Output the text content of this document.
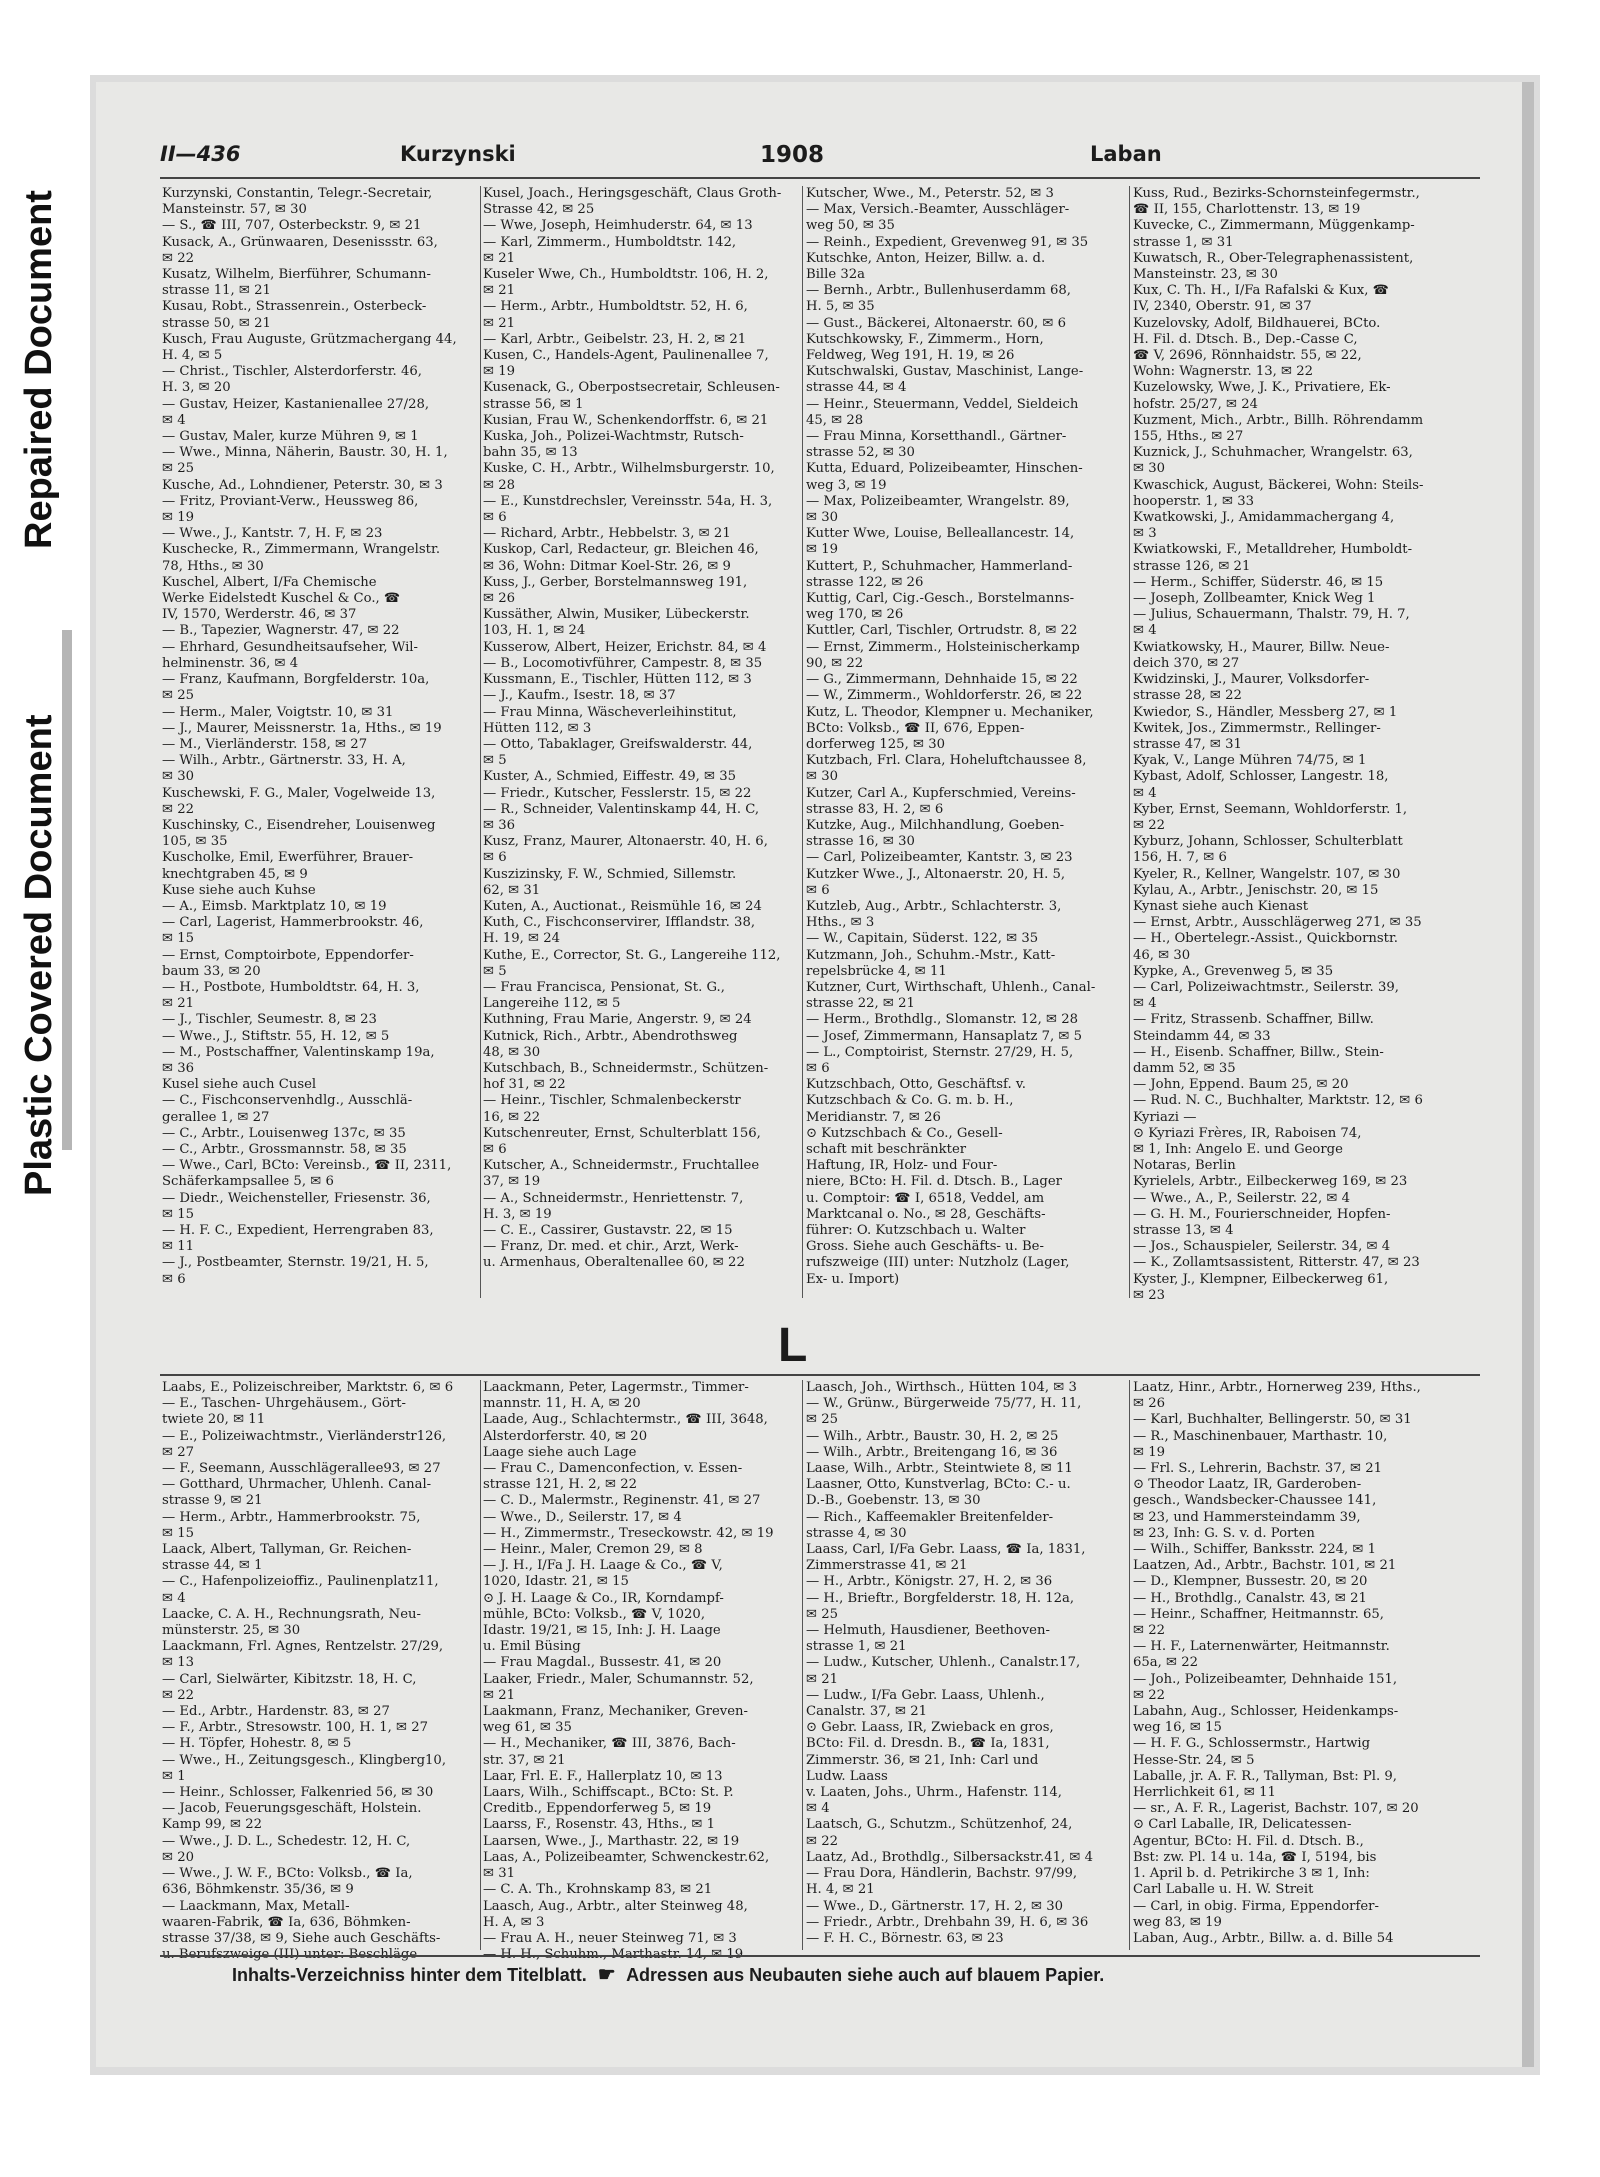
Repaired Document
Plastic Covered Document
II—436	Kurzynski	1908	Laban

Kurzynski, Constantin, Telegr.-Secretair,

Mansteinstr. 57, ✉ 30

— S., ☎ III, 707, Osterbeckstr. 9, ✉ 21

Kusack, A., Grünwaaren, Desenissstr. 63,

✉ 22

Kusatz, Wilhelm, Bierführer, Schumann-

strasse 11, ✉ 21

Kusau, Robt., Strassenrein., Osterbeck-

strasse 50, ✉ 21

Kusch, Frau Auguste, Grützmachergang 44,

H. 4, ✉ 5

— Christ., Tischler, Alsterdorferstr. 46,

H. 3, ✉ 20

— Gustav, Heizer, Kastanienallee 27/28,

✉ 4

— Gustav, Maler, kurze Mühren 9, ✉ 1

— Wwe., Minna, Näherin, Baustr. 30, H. 1,

✉ 25

Kusche, Ad., Lohndiener, Peterstr. 30, ✉ 3

— Fritz, Proviant-Verw., Heussweg 86,

✉ 19

— Wwe., J., Kantstr. 7, H. F, ✉ 23

Kuschecke, R., Zimmermann, Wrangelstr.

78, Hths., ✉ 30

Kuschel, Albert, I/Fa Chemische

Werke Eidelstedt Kuschel & Co., ☎

IV, 1570, Werderstr. 46, ✉ 37

— B., Tapezier, Wagnerstr. 47, ✉ 22

— Ehrhard, Gesundheitsaufseher, Wil-

helminenstr. 36, ✉ 4

— Franz, Kaufmann, Borgfelderstr. 10a,

✉ 25

— Herm., Maler, Voigtstr. 10, ✉ 31

— J., Maurer, Meissnerstr. 1a, Hths., ✉ 19

— M., Vierländerstr. 158, ✉ 27

— Wilh., Arbtr., Gärtnerstr. 33, H. A,

✉ 30

Kuschewski, F. G., Maler, Vogelweide 13,

✉ 22

Kuschinsky, C., Eisendreher, Louisenweg

105, ✉ 35

Kuscholke, Emil, Ewerführer, Brauer-

knechtgraben 45, ✉ 9

Kuse siehe auch Kuhse

— A., Eimsb. Marktplatz 10, ✉ 19

— Carl, Lagerist, Hammerbrookstr. 46,

✉ 15

— Ernst, Comptoirbote, Eppendorfer-

baum 33, ✉ 20

— H., Postbote, Humboldtstr. 64, H. 3,

✉ 21

— J., Tischler, Seumestr. 8, ✉ 23

— Wwe., J., Stiftstr. 55, H. 12, ✉ 5

— M., Postschaffner, Valentinskamp 19a,

✉ 36

Kusel siehe auch Cusel

— C., Fischconservenhdlg., Ausschlä-

gerallee 1, ✉ 27

— C., Arbtr., Louisenweg 137c, ✉ 35

— C., Arbtr., Grossmannstr. 58, ✉ 35

— Wwe., Carl, BCto: Vereinsb., ☎ II, 2311,

Schäferkampsallee 5, ✉ 6

— Diedr., Weichensteller, Friesenstr. 36,

✉ 15

— H. F. C., Expedient, Herrengraben 83,

✉ 11

— J., Postbeamter, Sternstr. 19/21, H. 5,

✉ 6

Kusel, Joach., Heringsgeschäft, Claus Groth-

Strasse 42, ✉ 25

— Wwe, Joseph, Heimhuderstr. 64, ✉ 13

— Karl, Zimmerm., Humboldtstr. 142,

✉ 21

Kuseler Wwe, Ch., Humboldtstr. 106, H. 2,

✉ 21

— Herm., Arbtr., Humboldtstr. 52, H. 6,

✉ 21

— Karl, Arbtr., Geibelstr. 23, H. 2, ✉ 21

Kusen, C., Handels-Agent, Paulinenallee 7,

✉ 19

Kusenack, G., Oberpostsecretair, Schleusen-

strasse 56, ✉ 1

Kusian, Frau W., Schenkendorffstr. 6, ✉ 21

Kuska, Joh., Polizei-Wachtmstr, Rutsch-

bahn 35, ✉ 13

Kuske, C. H., Arbtr., Wilhelmsburgerstr. 10,

✉ 28

— E., Kunstdrechsler, Vereinsstr. 54a, H. 3,

✉ 6

— Richard, Arbtr., Hebbelstr. 3, ✉ 21

Kuskop, Carl, Redacteur, gr. Bleichen 46,

✉ 36, Wohn: Ditmar Koel-Str. 26, ✉ 9

Kuss, J., Gerber, Borstelmannsweg 191,

✉ 26

Kussäther, Alwin, Musiker, Lübeckerstr.

103, H. 1, ✉ 24

Kusserow, Albert, Heizer, Erichstr. 84, ✉ 4

— B., Locomotivführer, Campestr. 8, ✉ 35

Kussmann, E., Tischler, Hütten 112, ✉ 3

— J., Kaufm., Isestr. 18, ✉ 37

— Frau Minna, Wäscheverleihinstitut,

Hütten 112, ✉ 3

— Otto, Tabaklager, Greifswalderstr. 44,

✉ 5

Kuster, A., Schmied, Eiffestr. 49, ✉ 35

— Friedr., Kutscher, Fesslerstr. 15, ✉ 22

— R., Schneider, Valentinskamp 44, H. C,

✉ 36

Kusz, Franz, Maurer, Altonaerstr. 40, H. 6,

✉ 6

Kuszizinsky, F. W., Schmied, Sillemstr.

62, ✉ 31

Kuten, A., Auctionat., Reismühle 16, ✉ 24

Kuth, C., Fischconservirer, Ifflandstr. 38,

H. 19, ✉ 24

Kuthe, E., Corrector, St. G., Langereihe 112,

✉ 5

— Frau Francisca, Pensionat, St. G.,

Langereihe 112, ✉ 5

Kuthning, Frau Marie, Angerstr. 9, ✉ 24

Kutnick, Rich., Arbtr., Abendrothsweg

48, ✉ 30

Kutschbach, B., Schneidermstr., Schützen-

hof 31, ✉ 22

— Heinr., Tischler, Schmalenbeckerstr

16, ✉ 22

Kutschenreuter, Ernst, Schulterblatt 156,

✉ 6

Kutscher, A., Schneidermstr., Fruchtallee

37, ✉ 19

— A., Schneidermstr., Henriettenstr. 7,

H. 3, ✉ 19

— C. E., Cassirer, Gustavstr. 22, ✉ 15

— Franz, Dr. med. et chir., Arzt, Werk-

u. Armenhaus, Oberaltenallee 60, ✉ 22

Kutscher, Wwe., M., Peterstr. 52, ✉ 3

— Max, Versich.-Beamter, Ausschläger-

weg 50, ✉ 35

— Reinh., Expedient, Grevenweg 91, ✉ 35

Kutschke, Anton, Heizer, Billw. a. d.

Bille 32a

— Bernh., Arbtr., Bullenhuserdamm 68,

H. 5, ✉ 35

— Gust., Bäckerei, Altonaerstr. 60, ✉ 6

Kutschkowsky, F., Zimmerm., Horn,

Feldweg, Weg 191, H. 19, ✉ 26

Kutschwalski, Gustav, Maschinist, Lange-

strasse 44, ✉ 4

— Heinr., Steuermann, Veddel, Sieldeich

45, ✉ 28

— Frau Minna, Korsetthandl., Gärtner-

strasse 52, ✉ 30

Kutta, Eduard, Polizeibeamter, Hinschen-

weg 3, ✉ 19

— Max, Polizeibeamter, Wrangelstr. 89,

✉ 30

Kutter Wwe, Louise, Belleallancestr. 14,

✉ 19

Kuttert, P., Schuhmacher, Hammerland-

strasse 122, ✉ 26

Kuttig, Carl, Cig.-Gesch., Borstelmanns-

weg 170, ✉ 26

Kuttler, Carl, Tischler, Ortrudstr. 8, ✉ 22

— Ernst, Zimmerm., Holsteinischerkamp

90, ✉ 22

— G., Zimmermann, Dehnhaide 15, ✉ 22

— W., Zimmerm., Wohldorferstr. 26, ✉ 22

Kutz, L. Theodor, Klempner u. Mechaniker,

BCto: Volksb., ☎ II, 676, Eppen-

dorferweg 125, ✉ 30

Kutzbach, Frl. Clara, Hoheluftchaussee 8,

✉ 30

Kutzer, Carl A., Kupferschmied, Vereins-

strasse 83, H. 2, ✉ 6

Kutzke, Aug., Milchhandlung, Goeben-

strasse 16, ✉ 30

— Carl, Polizeibeamter, Kantstr. 3, ✉ 23

Kutzker Wwe., J., Altonaerstr. 20, H. 5,

✉ 6

Kutzleb, Aug., Arbtr., Schlachterstr. 3,

Hths., ✉ 3

— W., Capitain, Süderst. 122, ✉ 35

Kutzmann, Joh., Schuhm.-Mstr., Katt-

repelsbrücke 4, ✉ 11

Kutzner, Curt, Wirthschaft, Uhlenh., Canal-

strasse 22, ✉ 21

— Herm., Brothdlg., Slomanstr. 12, ✉ 28

— Josef, Zimmermann, Hansaplatz 7, ✉ 5

— L., Comptoirist, Sternstr. 27/29, H. 5,

✉ 6

Kutzschbach, Otto, Geschäftsf. v.

Kutzschbach & Co. G. m. b. H.,

Meridianstr. 7, ✉ 26

⊙ Kutzschbach & Co., Gesell-

schaft mit beschränkter

Haftung, IR, Holz- und Four-

niere, BCto: H. Fil. d. Dtsch. B., Lager

u. Comptoir: ☎ I, 6518, Veddel, am

Marktcanal o. No., ✉ 28, Geschäfts-

führer: O. Kutzschbach u. Walter

Gross. Siehe auch Geschäfts- u. Be-

rufszweige (III) unter: Nutzholz (Lager,

Ex- u. Import)

Kuss, Rud., Bezirks-Schornsteinfegermstr.,

☎ II, 155, Charlottenstr. 13, ✉ 19

Kuvecke, C., Zimmermann, Müggenkamp-

strasse 1, ✉ 31

Kuwatsch, R., Ober-Telegraphenassistent,

Mansteinstr. 23, ✉ 30

Kux, C. Th. H., I/Fa Rafalski & Kux, ☎

IV, 2340, Oberstr. 91, ✉ 37

Kuzelovsky, Adolf, Bildhauerei, BCto.

H. Fil. d. Dtsch. B., Dep.-Casse C,

☎ V, 2696, Rönnhaidstr. 55, ✉ 22,

Wohn: Wagnerstr. 13, ✉ 22

Kuzelowsky, Wwe, J. K., Privatiere, Ek-

hofstr. 25/27, ✉ 24

Kuzment, Mich., Arbtr., Billh. Röhrendamm

155, Hths., ✉ 27

Kuznick, J., Schuhmacher, Wrangelstr. 63,

✉ 30

Kwaschick, August, Bäckerei, Wohn: Steils-

hooperstr. 1, ✉ 33

Kwatkowski, J., Amidammachergang 4,

✉ 3

Kwiatkowski, F., Metalldreher, Humboldt-

strasse 126, ✉ 21

— Herm., Schiffer, Süderstr. 46, ✉ 15

— Joseph, Zollbeamter, Knick Weg 1

— Julius, Schauermann, Thalstr. 79, H. 7,

✉ 4

Kwiatkowsky, H., Maurer, Billw. Neue-

deich 370, ✉ 27

Kwidzinski, J., Maurer, Volksdorfer-

strasse 28, ✉ 22

Kwiedor, S., Händler, Messberg 27, ✉ 1

Kwitek, Jos., Zimmermstr., Rellinger-

strasse 47, ✉ 31

Kyak, V., Lange Mühren 74/75, ✉ 1

Kybast, Adolf, Schlosser, Langestr. 18,

✉ 4

Kyber, Ernst, Seemann, Wohldorferstr. 1,

✉ 22

Kyburz, Johann, Schlosser, Schulterblatt

156, H. 7, ✉ 6

Kyeler, R., Kellner, Wangelstr. 107, ✉ 30

Kylau, A., Arbtr., Jenischstr. 20, ✉ 15

Kynast siehe auch Kienast

— Ernst, Arbtr., Ausschlägerweg 271, ✉ 35

— H., Obertelegr.-Assist., Quickbornstr.

46, ✉ 30

Kypke, A., Grevenweg 5, ✉ 35

— Carl, Polizeiwachtmstr., Seilerstr. 39,

✉ 4

— Fritz, Strassenb. Schaffner, Billw.

Steindamm 44, ✉ 33

— H., Eisenb. Schaffner, Billw., Stein-

damm 52, ✉ 35

— John, Eppend. Baum 25, ✉ 20

— Rud. N. C., Buchhalter, Marktstr. 12, ✉ 6

Kyriazi —

⊙ Kyriazi Frères, IR, Raboisen 74,

✉ 1, Inh: Angelo E. und George

Notaras, Berlin

Kyrielels, Arbtr., Eilbeckerweg 169, ✉ 23

— Wwe., A., P., Seilerstr. 22, ✉ 4

— G. H. M., Fourierschneider, Hopfen-

strasse 13, ✉ 4

— Jos., Schauspieler, Seilerstr. 34, ✉ 4

— K., Zollamtsassistent, Ritterstr. 47, ✉ 23

Kyster, J., Klempner, Eilbeckerweg 61,

✉ 23

L

Laabs, E., Polizeischreiber, Marktstr. 6, ✉ 6

— E., Taschen- Uhrgehäusem., Gört-

twiete 20, ✉ 11

— E., Polizeiwachtmstr., Vierländerstr126,

✉ 27

— F., Seemann, Ausschlägerallee93, ✉ 27

— Gotthard, Uhrmacher, Uhlenh. Canal-

strasse 9, ✉ 21

— Herm., Arbtr., Hammerbrookstr. 75,

✉ 15

Laack, Albert, Tallyman, Gr. Reichen-

strasse 44, ✉ 1

— C., Hafenpolizeioffiz., Paulinenplatz11,

✉ 4

Laacke, C. A. H., Rechnungsrath, Neu-

münsterstr. 25, ✉ 30

Laackmann, Frl. Agnes, Rentzelstr. 27/29,

✉ 13

— Carl, Sielwärter, Kibitzstr. 18, H. C,

✉ 22

— Ed., Arbtr., Hardenstr. 83, ✉ 27

— F., Arbtr., Stresowstr. 100, H. 1, ✉ 27

— H. Töpfer, Hohestr. 8, ✉ 5

— Wwe., H., Zeitungsgesch., Klingberg10,

✉ 1

— Heinr., Schlosser, Falkenried 56, ✉ 30

— Jacob, Feuerungsgeschäft, Holstein.

Kamp 99, ✉ 22

— Wwe., J. D. L., Schedestr. 12, H. C,

✉ 20

— Wwe., J. W. F., BCto: Volksb., ☎ Ia,

636, Böhmkenstr. 35/36, ✉ 9

— Laackmann, Max, Metall-

waaren-Fabrik, ☎ Ia, 636, Böhmken-

strasse 37/38, ✉ 9, Siehe auch Geschäfts-

Laackmann, Peter, Lagermstr., Timmer-

mannstr. 11, H. A, ✉ 20

Laade, Aug., Schlachtermstr., ☎ III, 3648,

Alsterdorferstr. 40, ✉ 20

Laage siehe auch Lage

— Frau C., Damenconfection, v. Essen-

strasse 121, H. 2, ✉ 22

— C. D., Malermstr., Reginenstr. 41, ✉ 27

— Wwe., D., Seilerstr. 17, ✉ 4

— H., Zimmermstr., Treseckowstr. 42, ✉ 19

— Heinr., Maler, Cremon 29, ✉ 8

— J. H., I/Fa J. H. Laage & Co., ☎ V,

1020, Idastr. 21, ✉ 15

⊙ J. H. Laage & Co., IR, Korndampf-

mühle, BCto: Volksb., ☎ V, 1020,

Idastr. 19/21, ✉ 15, Inh: J. H. Laage

u. Emil Büsing

— Frau Magdal., Bussestr. 41, ✉ 20

Laaker, Friedr., Maler, Schumannstr. 52,

✉ 21

Laakmann, Franz, Mechaniker, Greven-

weg 61, ✉ 35

— H., Mechaniker, ☎ III, 3876, Bach-

str. 37, ✉ 21

Laar, Frl. E. F., Hallerplatz 10, ✉ 13

Laars, Wilh., Schiffscapt., BCto: St. P.

Creditb., Eppendorferweg 5, ✉ 19

Laarss, F., Rosenstr. 43, Hths., ✉ 1

Laarsen, Wwe., J., Marthastr. 22, ✉ 19

Laas, A., Polizeibeamter, Schwenckestr.62,

✉ 31

— C. A. Th., Krohnskamp 83, ✉ 21

Laasch, Aug., Arbtr., alter Steinweg 48,

H. A, ✉ 3

— Frau A. H., neuer Steinweg 71, ✉ 3

Laasch, Joh., Wirthsch., Hütten 104, ✉ 3

— W., Grünw., Bürgerweide 75/77, H. 11,

✉ 25

— Wilh., Arbtr., Baustr. 30, H. 2, ✉ 25

— Wilh., Arbtr., Breitengang 16, ✉ 36

Laase, Wilh., Arbtr., Steintwiete 8, ✉ 11

Laasner, Otto, Kunstverlag, BCto: C.- u.

D.-B., Goebenstr. 13, ✉ 30

— Rich., Kaffeemakler Breitenfelder-

strasse 4, ✉ 30

Laass, Carl, I/Fa Gebr. Laass, ☎ Ia, 1831,

Zimmerstrasse 41, ✉ 21

— H., Arbtr., Königstr. 27, H. 2, ✉ 36

— H., Brieftr., Borgfelderstr. 18, H. 12a,

✉ 25

— Helmuth, Hausdiener, Beethoven-

strasse 1, ✉ 21

— Ludw., Kutscher, Uhlenh., Canalstr.17,

✉ 21

— Ludw., I/Fa Gebr. Laass, Uhlenh.,

Canalstr. 37, ✉ 21

⊙ Gebr. Laass, IR, Zwieback en gros,

BCto: Fil. d. Dresdn. B., ☎ Ia, 1831,

Zimmerstr. 36, ✉ 21, Inh: Carl und

Ludw. Laass

v. Laaten, Johs., Uhrm., Hafenstr. 114,

✉ 4

Laatsch, G., Schutzm., Schützenhof, 24,

✉ 22

Laatz, Ad., Brothdlg., Silbersackstr.41, ✉ 4

— Frau Dora, Händlerin, Bachstr. 97/99,

H. 4, ✉ 21

— Wwe., D., Gärtnerstr. 17, H. 2, ✉ 30

— Friedr., Arbtr., Drehbahn 39, H. 6, ✉ 36

— F. H. C., Börnestr. 63, ✉ 23

Laatz, Hinr., Arbtr., Hornerweg 239, Hths.,

✉ 26

— Karl, Buchhalter, Bellingerstr. 50, ✉ 31

— R., Maschinenbauer, Marthastr. 10,

✉ 19

— Frl. S., Lehrerin, Bachstr. 37, ✉ 21

⊙ Theodor Laatz, IR, Garderoben-

gesch., Wandsbecker-Chaussee 141,

✉ 23, und Hammersteindamm 39,

✉ 23, Inh: G. S. v. d. Porten

— Wilh., Schiffer, Banksstr. 224, ✉ 1

Laatzen, Ad., Arbtr., Bachstr. 101, ✉ 21

— D., Klempner, Bussestr. 20, ✉ 20

— H., Brothdlg., Canalstr. 43, ✉ 21

— Heinr., Schaffner, Heitmannstr. 65,

✉ 22

— H. F., Laternenwärter, Heitmannstr.

65a, ✉ 22

— Joh., Polizeibeamter, Dehnhaide 151,

✉ 22

Labahn, Aug., Schlosser, Heidenkamps-

weg 16, ✉ 15

— H. F. G., Schlossermstr., Hartwig

Hesse-Str. 24, ✉ 5

Laballe, jr. A. F. R., Tallyman, Bst: Pl. 9,

Herrlichkeit 61, ✉ 11

— sr., A. F. R., Lagerist, Bachstr. 107, ✉ 20

⊙ Carl Laballe, IR, Delicatessen-

Agentur, BCto: H. Fil. d. Dtsch. B.,

Bst: zw. Pl. 14 u. 14a, ☎ I, 5194, bis

1. April b. d. Petrikirche 3 ✉ 1, Inh:

Carl Laballe u. H. W. Streit

— Carl, in obig. Firma, Eppendorfer-

weg 83, ✉ 19

Laban, Aug., Arbtr., Billw. a. d. Bille 54

Inhalts-Verzeichniss hinter dem Titelblatt. ☛ Adressen aus Neubauten siehe auch auf blauem Papier.
